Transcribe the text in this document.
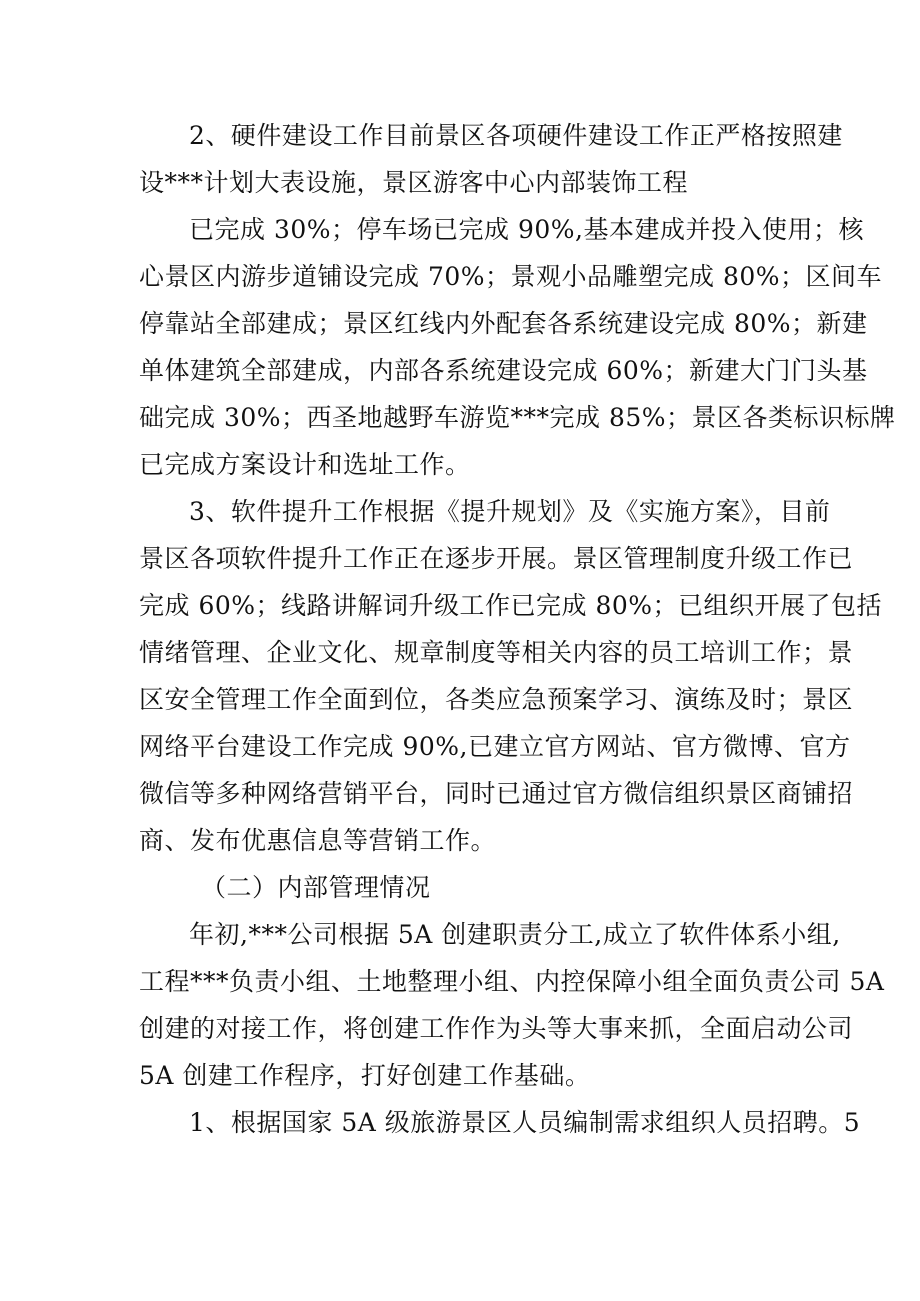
2、硬件建设工作目前景区各项硬件建设工作正严格按照建
设***计划大表设施，景区游客中心内部装饰工程
已完成 30%；停车场已完成 90%,基本建成并投入使用；核
心景区内游步道铺设完成 70%；景观小品雕塑完成 80%；区间车
停靠站全部建成；景区红线内外配套各系统建设完成 80%；新建
单体建筑全部建成，内部各系统建设完成 60%；新建大门门头基
础完成 30%；西圣地越野车游览***完成 85%；景区各类标识标牌
已完成方案设计和选址工作。
3、软件提升工作根据《提升规划》及《实施方案》，目前
景区各项软件提升工作正在逐步开展。景区管理制度升级工作已
完成 60%；线路讲解词升级工作已完成 80%；已组织开展了包括
情绪管理、企业文化、规章制度等相关内容的员工培训工作；景
区安全管理工作全面到位，各类应急预案学习、演练及时；景区
网络平台建设工作完成 90%,已建立官方网站、官方微博、官方
微信等多种网络营销平台，同时已通过官方微信组织景区商铺招
商、发布优惠信息等营销工作。
（二）内部管理情况
年初,***公司根据 5A 创建职责分工,成立了软件体系小组,
工程***负责小组、土地整理小组、内控保障小组全面负责公司 5A
创建的对接工作，将创建工作作为头等大事来抓，全面启动公司
5A 创建工作程序，打好创建工作基础。
1、根据国家 5A 级旅游景区人员编制需求组织人员招聘。5
